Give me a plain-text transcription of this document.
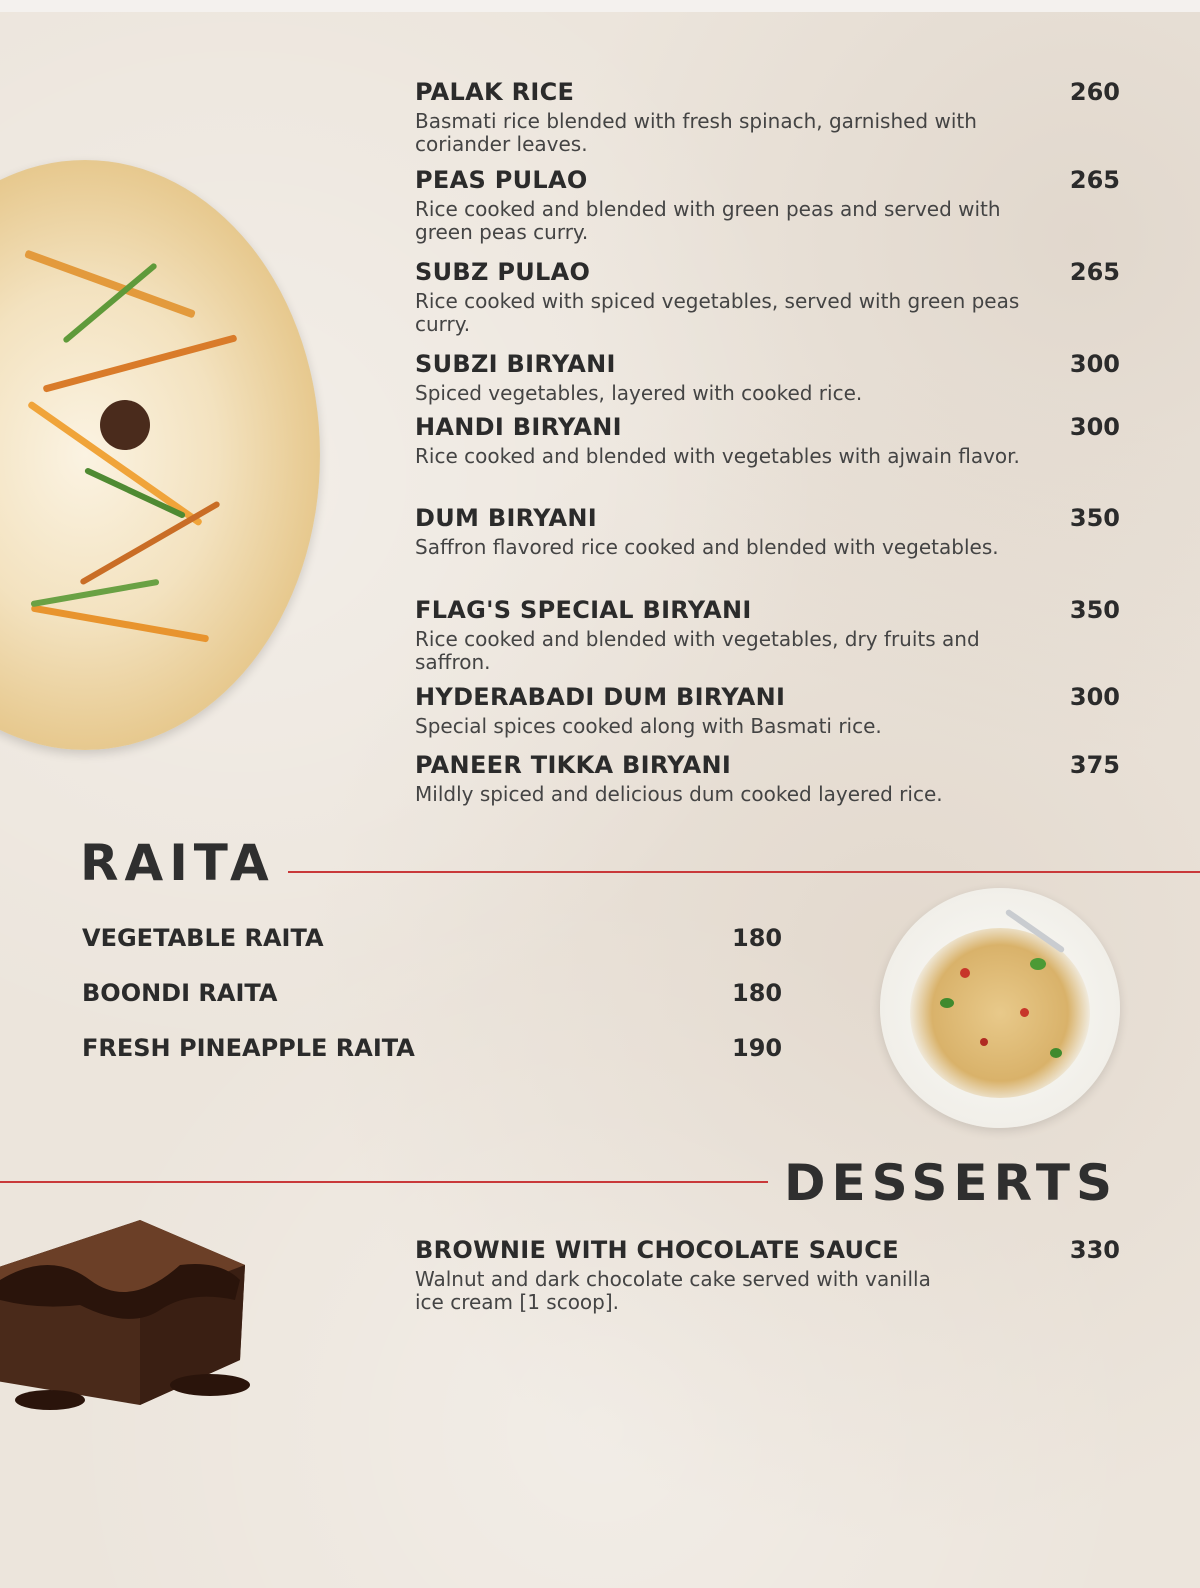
PALAK RICE	260
Basmati rice blended with fresh spinach, garnished with coriander leaves.
PEAS PULAO	265
Rice cooked and blended with green peas and served with green peas curry.
SUBZ PULAO	265
Rice cooked with spiced vegetables, served with green peas curry.
SUBZI BIRYANI	300
Spiced vegetables, layered with cooked rice.
HANDI BIRYANI	300
Rice cooked and blended with vegetables with ajwain flavor.
DUM BIRYANI	350
Saffron flavored rice cooked and blended with vegetables.
FLAG'S SPECIAL BIRYANI	350
Rice cooked and blended with vegetables, dry fruits and saffron.
HYDERABADI DUM BIRYANI	300
Special spices cooked along with Basmati rice.
PANEER TIKKA BIRYANI	375
Mildly spiced and delicious dum cooked layered rice.
RAITA
VEGETABLE RAITA	180
BOONDI RAITA	180
FRESH PINEAPPLE RAITA	190
DESSERTS
BROWNIE WITH CHOCOLATE SAUCE	330
Walnut and dark chocolate cake served with vanilla ice cream [1 scoop].
